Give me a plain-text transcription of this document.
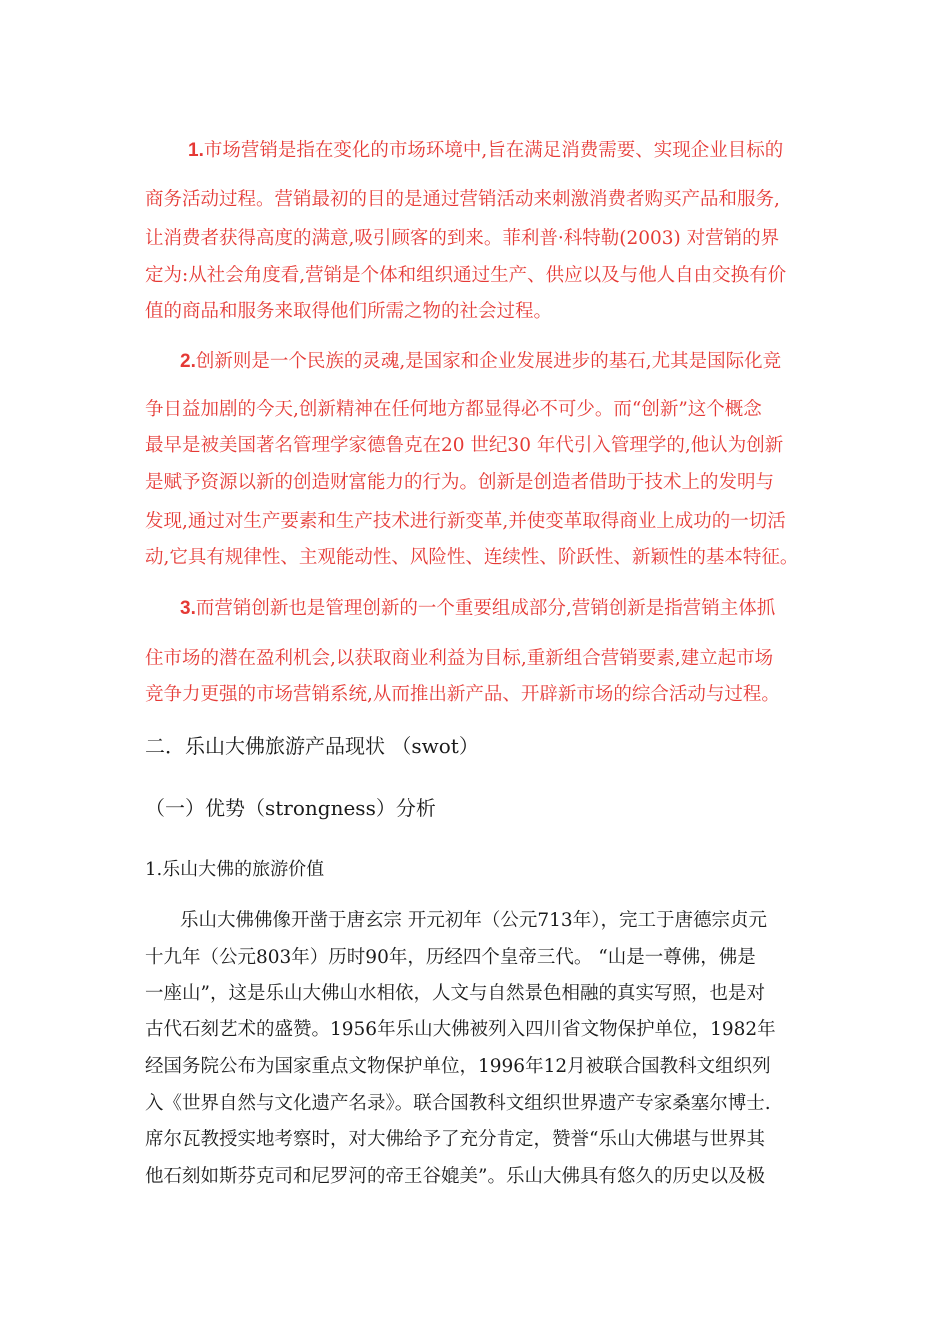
1.市场营销是指在变化的市场环境中,旨在满足消费需要、实现企业目标的
商务活动过程。营销最初的目的是通过营销活动来刺激消费者购买产品和服务,
让消费者获得高度的满意,吸引顾客的到来。菲利普·科特勒(2003) 对营销的界
定为:从社会角度看,营销是个体和组织通过生产、供应以及与他人自由交换有价
值的商品和服务来取得他们所需之物的社会过程。
2.创新则是一个民族的灵魂,是国家和企业发展进步的基石,尤其是国际化竞
争日益加剧的今天,创新精神在任何地方都显得必不可少。而“创新”这个概念
最早是被美国著名管理学家德鲁克在20 世纪30 年代引入管理学的,他认为创新
是赋予资源以新的创造财富能力的行为。创新是创造者借助于技术上的发明与
发现,通过对生产要素和生产技术进行新变革,并使变革取得商业上成功的一切活
动,它具有规律性、主观能动性、风险性、连续性、阶跃性、新颖性的基本特征。
3.而营销创新也是管理创新的一个重要组成部分,营销创新是指营销主体抓
住市场的潜在盈利机会,以获取商业利益为目标,重新组合营销要素,建立起市场
竞争力更强的市场营销系统,从而推出新产品、开辟新市场的综合活动与过程。
二．乐山大佛旅游产品现状 （swot）
（一）优势（strongness）分析
1.乐山大佛的旅游价值
乐山大佛佛像开凿于唐玄宗 开元初年（公元713年），完工于唐德宗贞元
十九年（公元803年）历时90年，历经四个皇帝三代。 “山是一尊佛，佛是
一座山”，这是乐山大佛山水相依，人文与自然景色相融的真实写照，也是对
古代石刻艺术的盛赞。1956年乐山大佛被列入四川省文物保护单位，1982年
经国务院公布为国家重点文物保护单位，1996年12月被联合国教科文组织列
入《世界自然与文化遗产名录》。联合国教科文组织世界遗产专家桑塞尔博士.
席尔瓦教授实地考察时，对大佛给予了充分肯定，赞誉“乐山大佛堪与世界其
他石刻如斯芬克司和尼罗河的帝王谷媲美”。乐山大佛具有悠久的历史以及极
